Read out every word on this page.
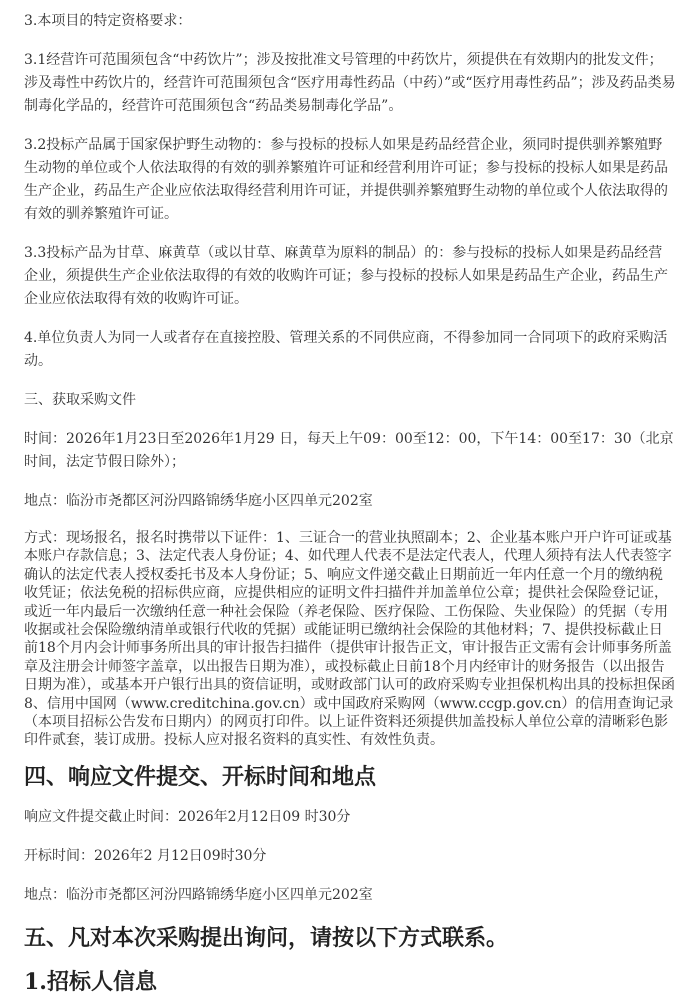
3.本项目的特定资格要求：

3.1经营许可范围须包含“中药饮片”；涉及按批准文号管理的中药饮片，须提供在有效期内的批发文件；涉及毒性中药饮片的，经营许可范围须包含“医疗用毒性药品（中药）”或“医疗用毒性药品”；涉及药品类易制毒化学品的，经营许可范围须包含“药品类易制毒化学品”。

3.2投标产品属于国家保护野生动物的：参与投标的投标人如果是药品经营企业，须同时提供驯养繁殖野生动物的单位或个人依法取得的有效的驯养繁殖许可证和经营利用许可证；参与投标的投标人如果是药品生产企业，药品生产企业应依法取得经营利用许可证，并提供驯养繁殖野生动物的单位或个人依法取得的有效的驯养繁殖许可证。

3.3投标产品为甘草、麻黄草（或以甘草、麻黄草为原料的制品）的：参与投标的投标人如果是药品经营企业，须提供生产企业依法取得的有效的收购许可证；参与投标的投标人如果是药品生产企业，药品生产企业应依法取得有效的收购许可证。

4.单位负责人为同一人或者存在直接控股、管理关系的不同供应商，不得参加同一合同项下的政府采购活动。

三、获取采购文件

时间：2026年1月23日至2026年1月29 日，每天上午09：00至12：00，下午14：00至17：30（北京时间，法定节假日除外）；

地点：临汾市尧都区河汾四路锦绣华庭小区四单元202室

方式：现场报名，报名时携带以下证件：1、三证合一的营业执照副本；2、企业基本账户开户许可证或基本账户存款信息；3、法定代表人身份证；4、如代理人代表不是法定代表人，代理人须持有法人代表签字确认的法定代表人授权委托书及本人身份证；5、响应文件递交截止日期前近一年内任意一个月的缴纳税收凭证；依法免税的招标供应商，应提供相应的证明文件扫描件并加盖单位公章；提供社会保险登记证，或近一年内最后一次缴纳任意一种社会保险（养老保险、医疗保险、工伤保险、失业保险）的凭据（专用收据或社会保险缴纳清单或银行代收的凭据）或能证明已缴纳社会保险的其他材料；7、提供投标截止日前18个月内会计师事务所出具的审计报告扫描件（提供审计报告正文，审计报告正文需有会计师事务所盖章及注册会计师签字盖章，以出报告日期为准），或投标截止日前18个月内经审计的财务报告（以出报告日期为准），或基本开户银行出具的资信证明，或财政部门认可的政府采购专业担保机构出具的投标担保函8、信用中国网（www.creditchina.gov.cn）或中国政府采购网（www.ccgp.gov.cn）的信用查询记录（本项目招标公告发布日期内）的网页打印件。以上证件资料还须提供加盖投标人单位公章的清晰彩色影印件贰套，装订成册。投标人应对报名资料的真实性、有效性负责。

四、响应文件提交、开标时间和地点

响应文件提交截止时间：2026年2月12日09 时30分

开标时间：2026年2 月12日09时30分

地点：临汾市尧都区河汾四路锦绣华庭小区四单元202室

五、凡对本次采购提出询问，请按以下方式联系。
1.招标人信息
